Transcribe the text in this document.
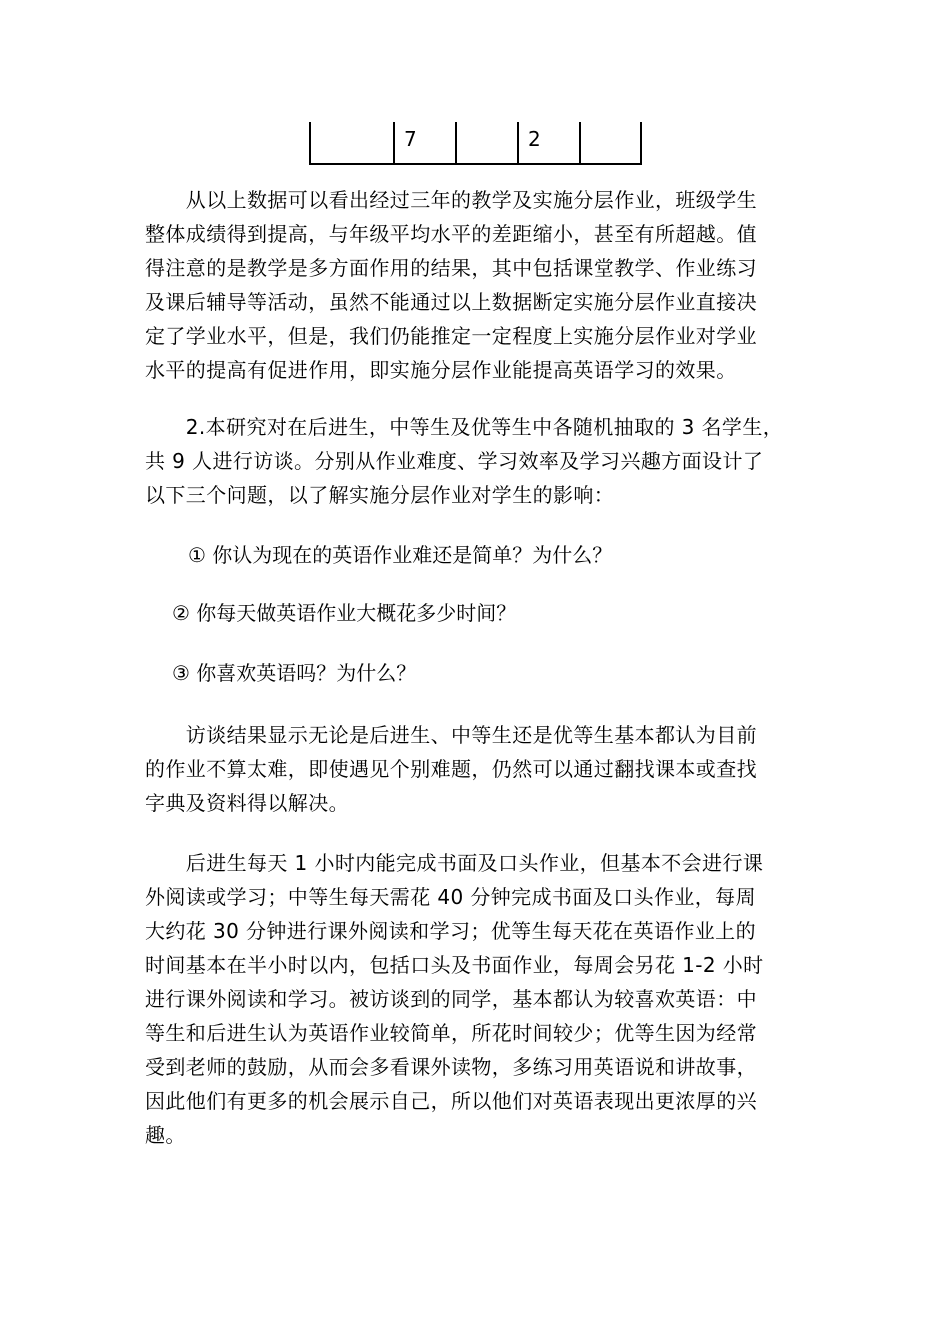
7	2
　　从以上数据可以看出经过三年的教学及实施分层作业，班级学生
整体成绩得到提高，与年级平均水平的差距缩小，甚至有所超越。值
得注意的是教学是多方面作用的结果，其中包括课堂教学、作业练习
及课后辅导等活动，虽然不能通过以上数据断定实施分层作业直接决
定了学业水平，但是，我们仍能推定一定程度上实施分层作业对学业
水平的提高有促进作用，即实施分层作业能提高英语学习的效果。
　　2.本研究对在后进生，中等生及优等生中各随机抽取的 3 名学生，
共 9 人进行访谈。分别从作业难度、学习效率及学习兴趣方面设计了
以下三个问题，以了解实施分层作业对学生的影响：
① 你认为现在的英语作业难还是简单？为什么？
② 你每天做英语作业大概花多少时间？
③ 你喜欢英语吗？为什么？
　　访谈结果显示无论是后进生、中等生还是优等生基本都认为目前
的作业不算太难，即使遇见个别难题，仍然可以通过翻找课本或查找
字典及资料得以解决。
　　后进生每天 1 小时内能完成书面及口头作业，但基本不会进行课
外阅读或学习；中等生每天需花 40 分钟完成书面及口头作业，每周
大约花 30 分钟进行课外阅读和学习；优等生每天花在英语作业上的
时间基本在半小时以内，包括口头及书面作业，每周会另花 1-2 小时
进行课外阅读和学习。被访谈到的同学，基本都认为较喜欢英语：中
等生和后进生认为英语作业较简单，所花时间较少；优等生因为经常
受到老师的鼓励，从而会多看课外读物，多练习用英语说和讲故事，
因此他们有更多的机会展示自己，所以他们对英语表现出更浓厚的兴
趣。
